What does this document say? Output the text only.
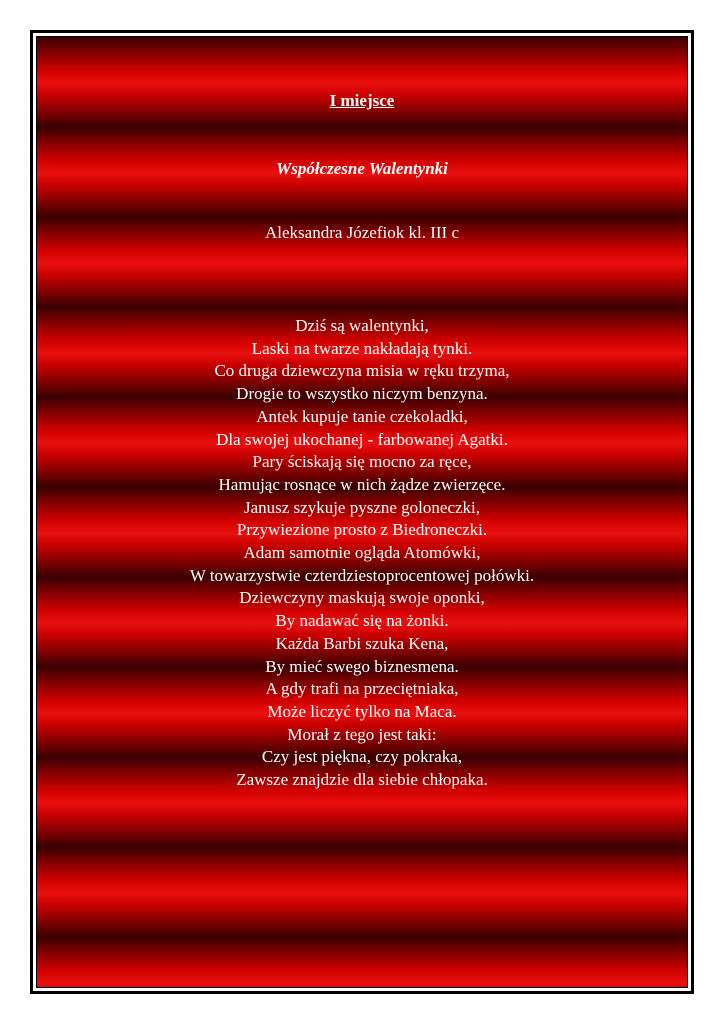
I miejsce
Współczesne Walentynki
Aleksandra Józefiok kl. III c
Dziś są walentynki,
Laski na twarze nakładają tynki.
Co druga dziewczyna misia w ręku trzyma,
Drogie to wszystko niczym benzyna.
Antek kupuje tanie czekoladki,
Dla swojej ukochanej - farbowanej Agatki.
Pary ściskają się mocno za ręce,
Hamując rosnące w nich żądze zwierzęce.
Janusz szykuje pyszne goloneczki,
Przywiezione prosto z Biedroneczki.
Adam samotnie ogląda Atomówki,
W towarzystwie czterdziestoprocentowej połówki.
Dziewczyny maskują swoje oponki,
By nadawać się na żonki.
Każda Barbi szuka Kena,
By mieć swego biznesmena.
A gdy trafi na przeciętniaka,
Może liczyć tylko na Maca.
Morał z tego jest taki:
Czy jest piękna, czy pokraka,
Zawsze znajdzie dla siebie chłopaka.
